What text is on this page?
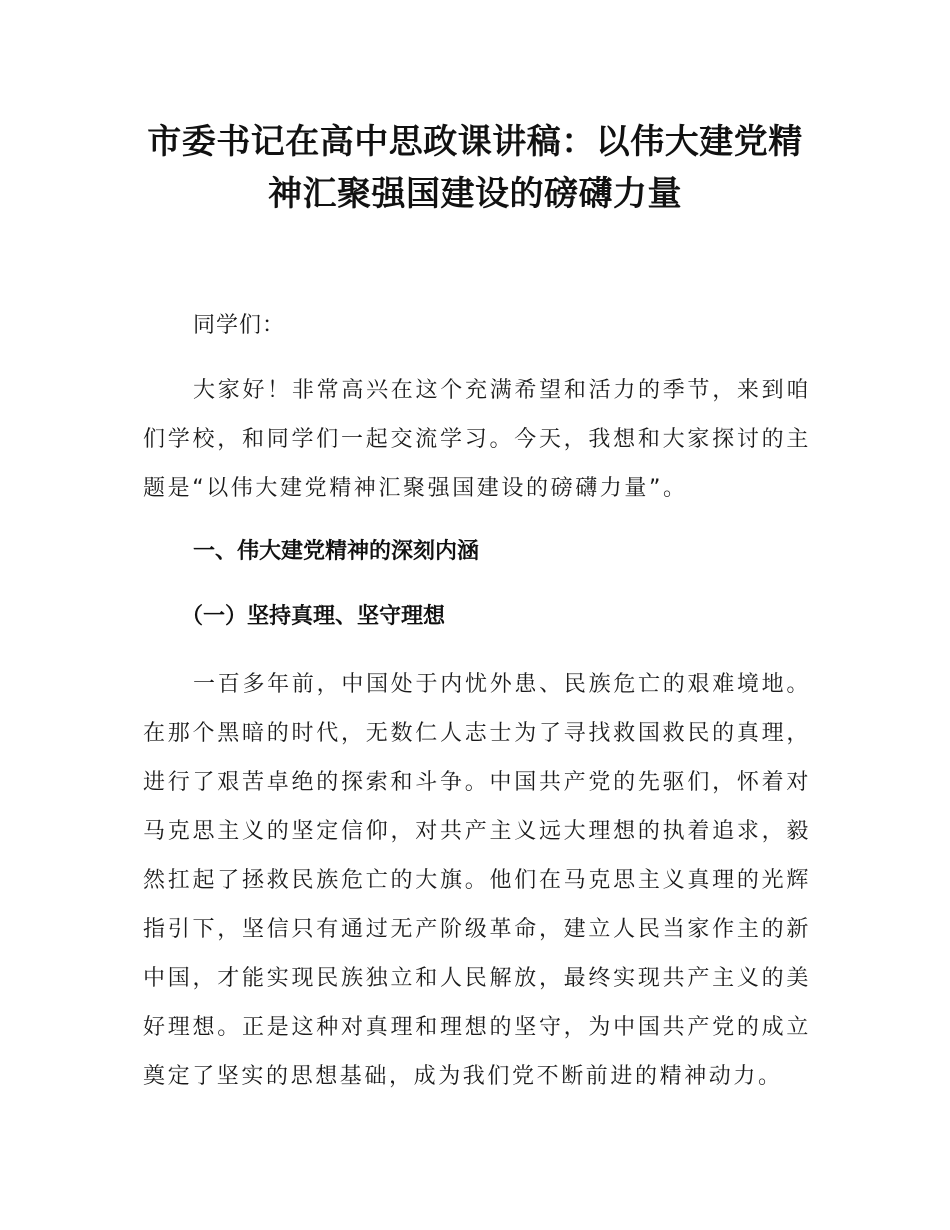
市委书记在高中思政课讲稿：以伟大建党精
神汇聚强国建设的磅礴力量

同学们：

大家好！非常高兴在这个充满希望和活力的季节，来到咱们学校，和同学们一起交流学习。今天，我想和大家探讨的主题是“以伟大建党精神汇聚强国建设的磅礴力量”。

一、伟大建党精神的深刻内涵
（一）坚持真理、坚守理想

一百多年前，中国处于内忧外患、民族危亡的艰难境地。在那个黑暗的时代，无数仁人志士为了寻找救国救民的真理，进行了艰苦卓绝的探索和斗争。中国共产党的先驱们，怀着对马克思主义的坚定信仰，对共产主义远大理想的执着追求，毅然扛起了拯救民族危亡的大旗。他们在马克思主义真理的光辉指引下，坚信只有通过无产阶级革命，建立人民当家作主的新中国，才能实现民族独立和人民解放，最终实现共产主义的美好理想。正是这种对真理和理想的坚守，为中国共产党的成立奠定了坚实的思想基础，成为我们党不断前进的精神动力。
